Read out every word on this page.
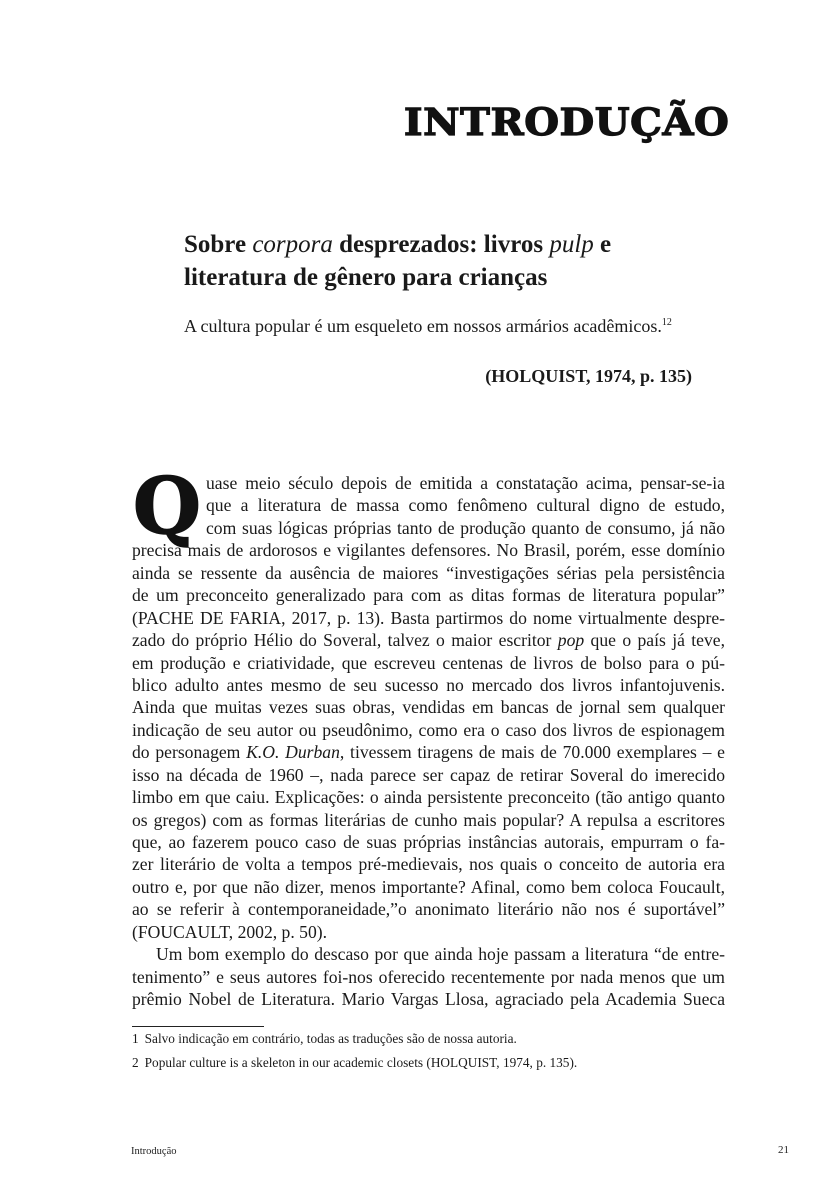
INTRODUÇÃO
Sobre corpora desprezados: livros pulp e
literatura de gênero para crianças

A cultura popular é um esqueleto em nossos armários acadêmicos.$^{12}$

(HOLQUIST, 1974, p. 135)

Q uase meio século depois de emitida a constatação acima, pensar-se-ia
que a literatura de massa como fenômeno cultural digno de estudo,
com suas lógicas próprias tanto de produção quanto de consumo, já não
precisa mais de ardorosos e vigilantes defensores. No Brasil, porém, esse domínio
ainda se ressente da ausência de maiores “investigações sérias pela persistência
de um preconceito generalizado para com as ditas formas de literatura popular”
(PACHE DE FARIA, 2017, p. 13). Basta partirmos do nome virtualmente despre-
zado do próprio Hélio do Soveral, talvez o maior escritor pop que o país já teve,
em produção e criatividade, que escreveu centenas de livros de bolso para o pú-
blico adulto antes mesmo de seu sucesso no mercado dos livros infantojuvenis.
Ainda que muitas vezes suas obras, vendidas em bancas de jornal sem qualquer
indicação de seu autor ou pseudônimo, como era o caso dos livros de espionagem
do personagem K.O. Durban, tivessem tiragens de mais de 70.000 exemplares – e
isso na década de 1960 –, nada parece ser capaz de retirar Soveral do imerecido
limbo em que caiu. Explicações: o ainda persistente preconceito (tão antigo quanto
os gregos) com as formas literárias de cunho mais popular? A repulsa a escritores
que, ao fazerem pouco caso de suas próprias instâncias autorais, empurram o fa-
zer literário de volta a tempos pré-medievais, nos quais o conceito de autoria era
outro e, por que não dizer, menos importante? Afinal, como bem coloca Foucault,
ao se referir à contemporaneidade,”o anonimato literário não nos é suportável”
(FOUCAULT, 2002, p. 50).
Um bom exemplo do descaso por que ainda hoje passam a literatura “de entre-
tenimento” e seus autores foi-nos oferecido recentemente por nada menos que um
prêmio Nobel de Literatura. Mario Vargas Llosa, agraciado pela Academia Sueca

1 Salvo indicação em contrário, todas as traduções são de nossa autoria.

2 Popular culture is a skeleton in our academic closets (HOLQUIST, 1974, p. 135).

Introdução	21
